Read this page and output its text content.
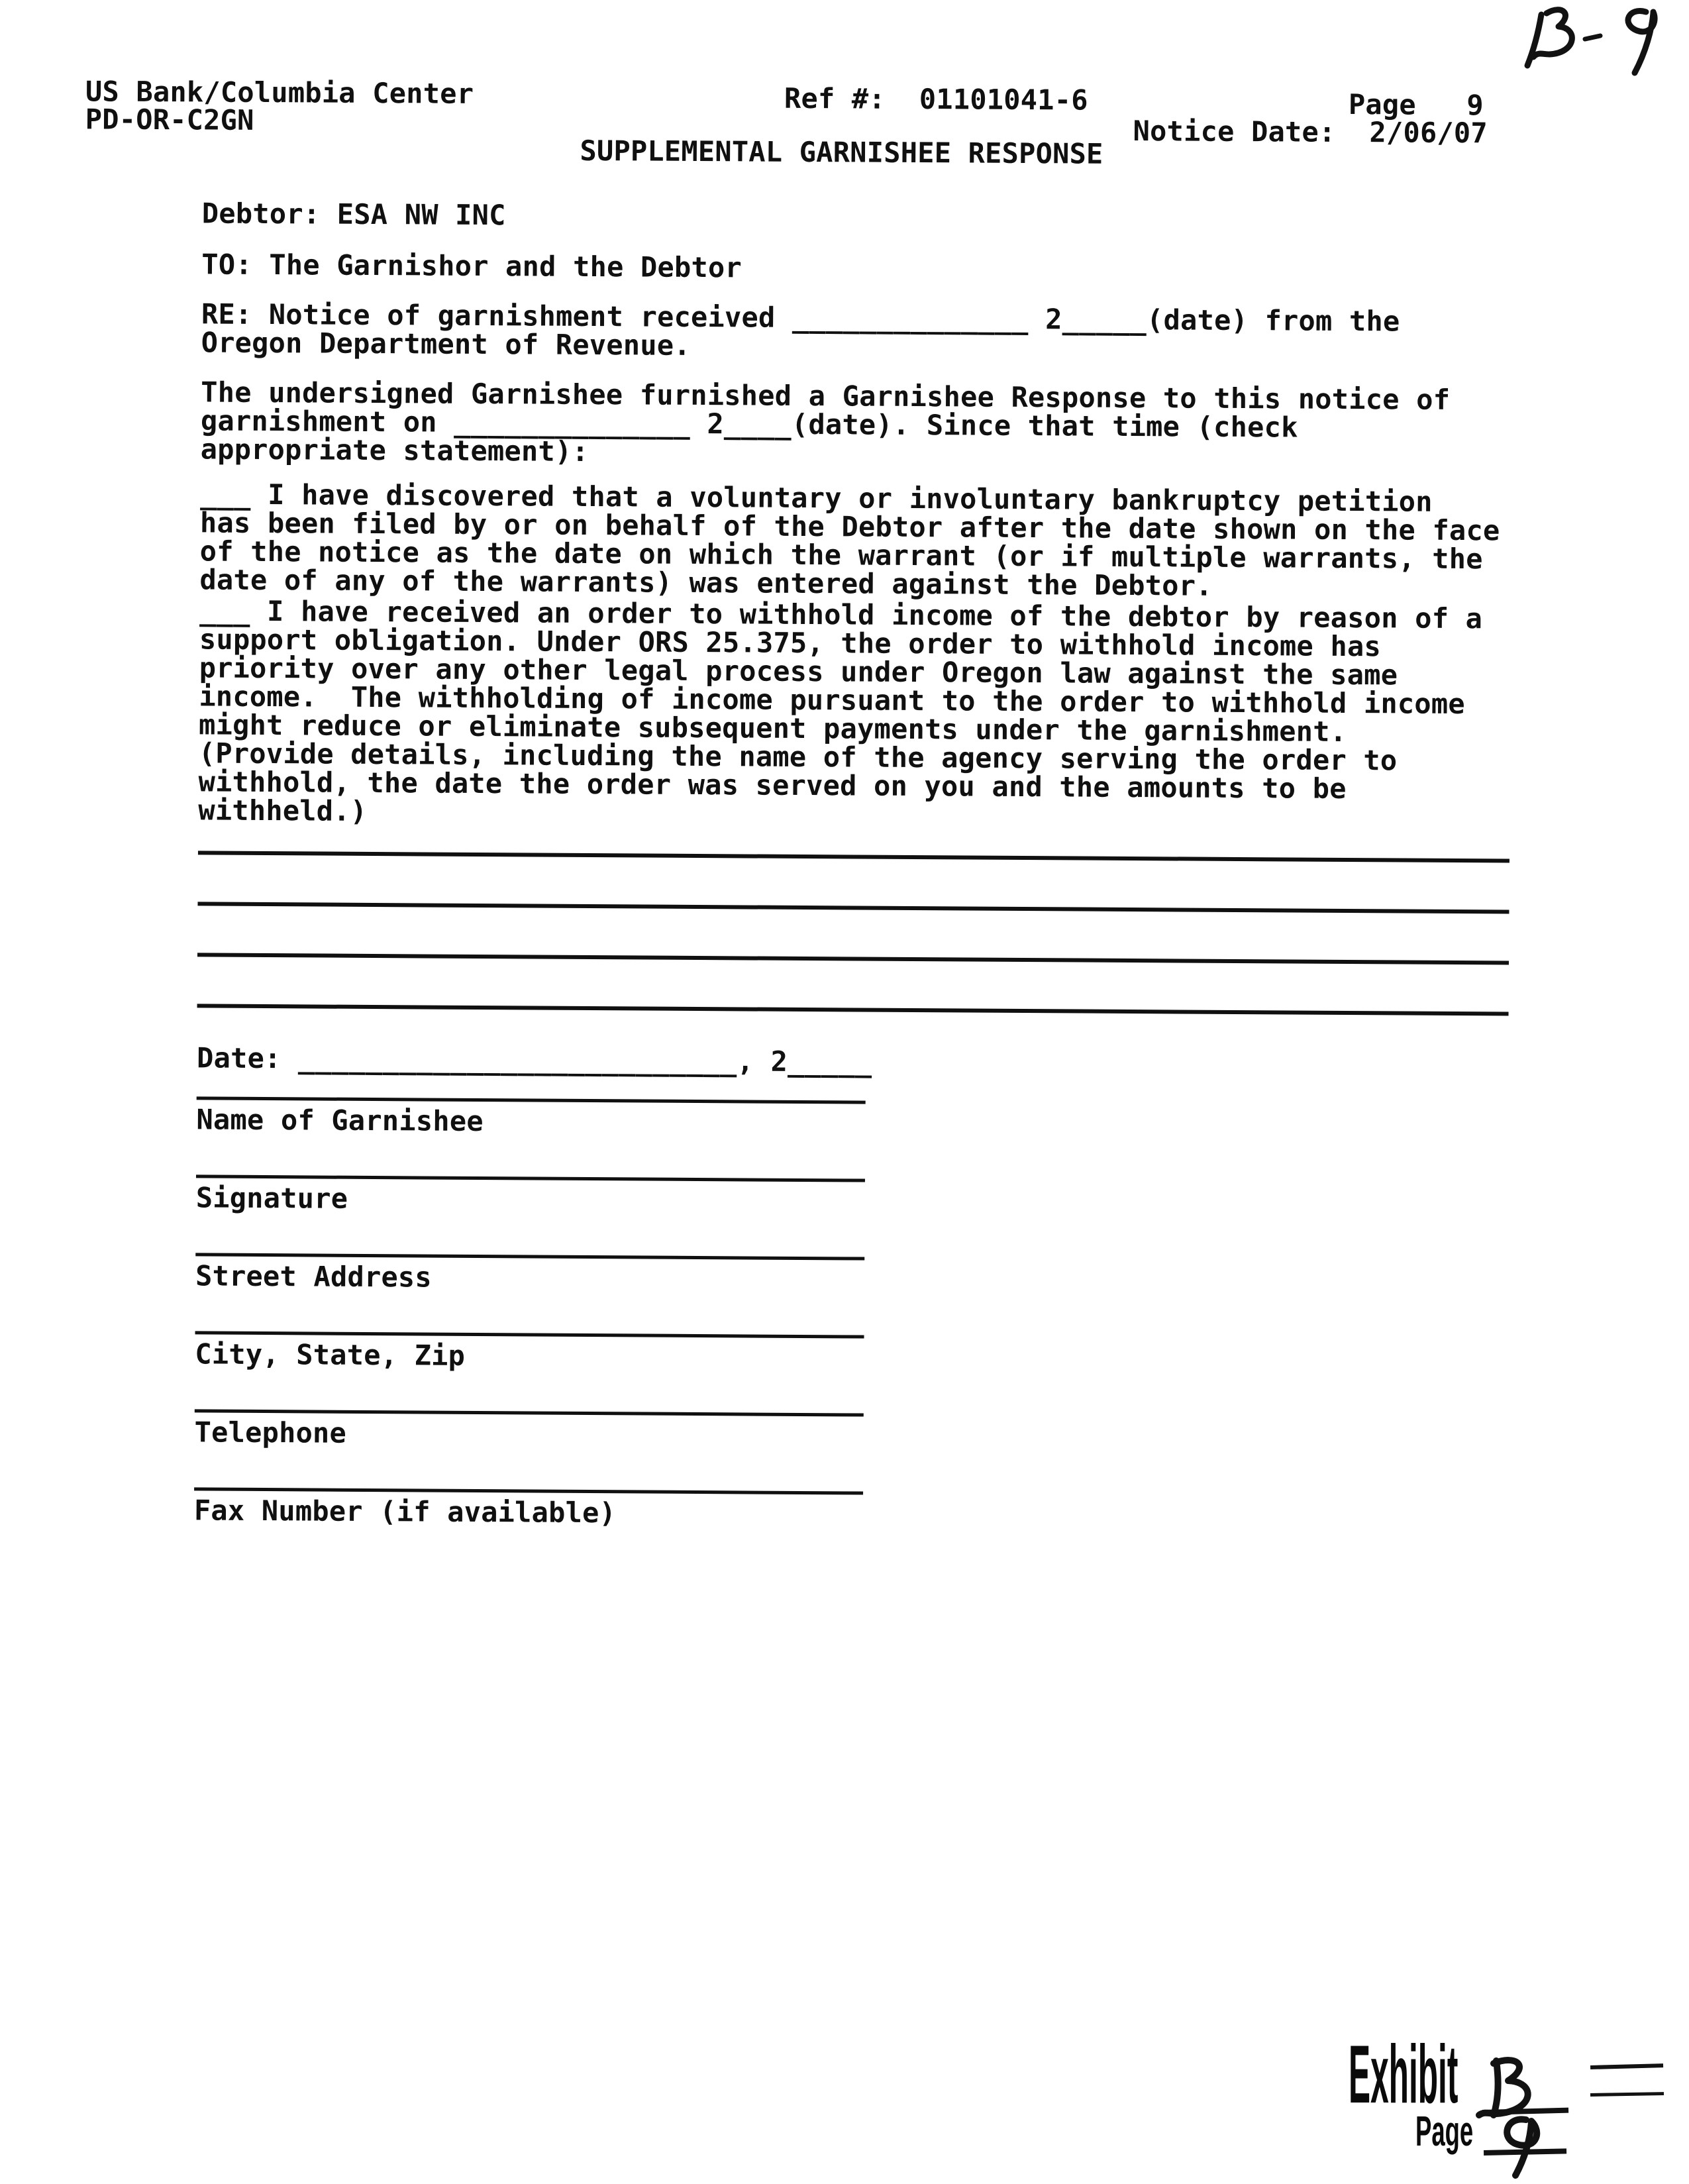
US Bank/Columbia Center
PD-OR-C2GN
Ref #:  01101041-6	Page   9
Notice Date:  2/06/07
SUPPLEMENTAL GARNISHEE RESPONSE
Debtor: ESA NW INC
TO: The Garnishor and the Debtor
RE: Notice of garnishment received ______________ 2_____(date) from the
Oregon Department of Revenue.
The undersigned Garnishee furnished a Garnishee Response to this notice of
garnishment on ______________ 2____(date). Since that time (check
appropriate statement):
___ I have discovered that a voluntary or involuntary bankruptcy petition
has been filed by or on behalf of the Debtor after the date shown on the face
of the notice as the date on which the warrant (or if multiple warrants, the
date of any of the warrants) was entered against the Debtor.
___ I have received an order to withhold income of the debtor by reason of a
support obligation. Under ORS 25.375, the order to withhold income has
priority over any other legal process under Oregon law against the same
income.  The withholding of income pursuant to the order to withhold income
might reduce or eliminate subsequent payments under the garnishment.
(Provide details, including the name of the agency serving the order to
withhold, the date the order was served on you and the amounts to be
withheld.)
Date: __________________________, 2_____
Name of Garnishee
Signature
Street Address
City, State, Zip
Telephone
Fax Number (if available)
Exhibit
Page
